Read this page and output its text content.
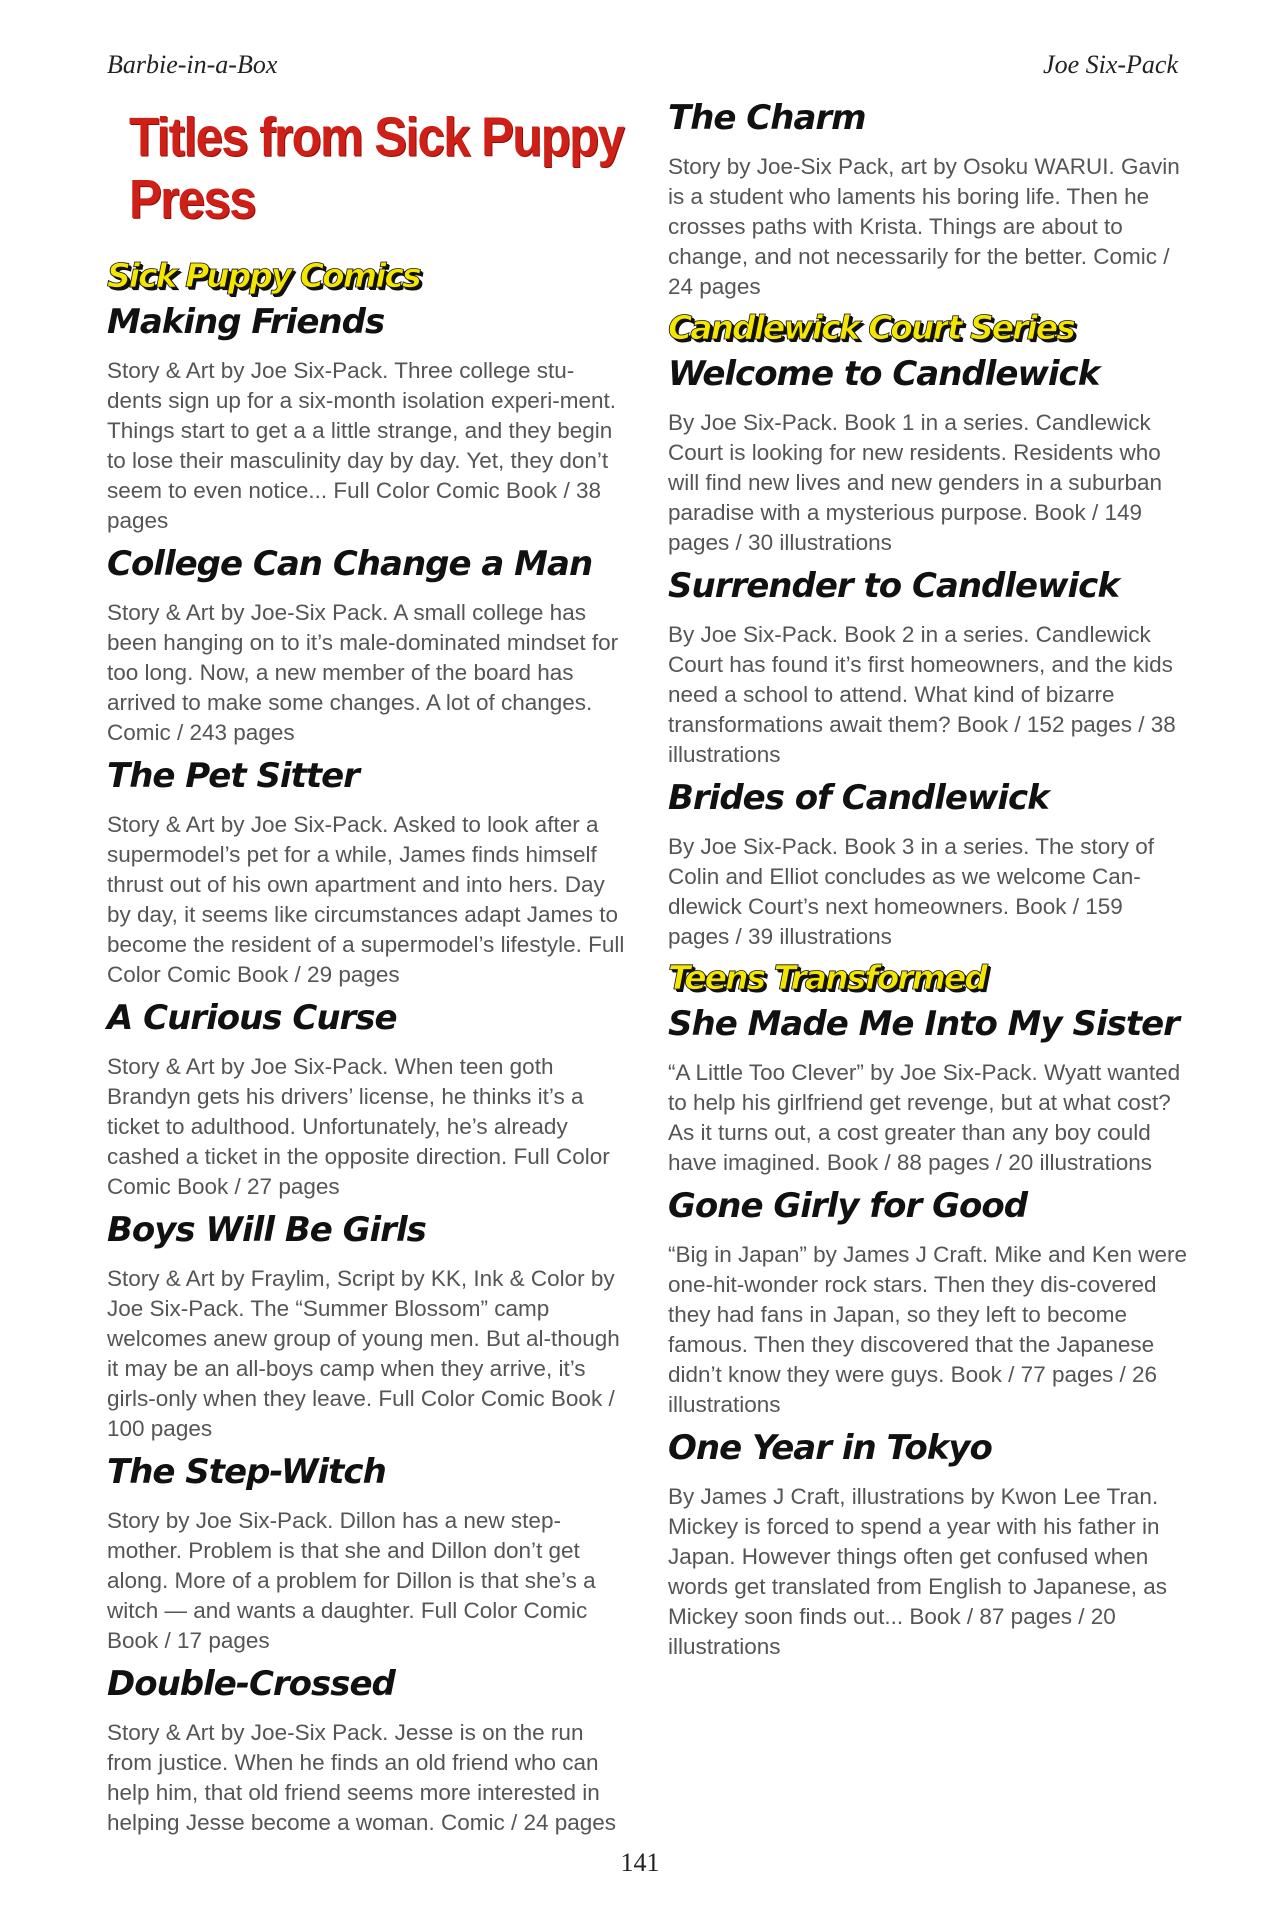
Barbie-in-a-Box	Joe Six-Pack
Titles from Sick Puppy Press
Sick Puppy Comics
Making Friends
Story & Art by Joe Six-Pack. Three college stu-dents sign up for a six-month isolation experi-ment. Things start to get a a little strange, and they begin to lose their masculinity day by day. Yet, they don’t seem to even notice... Full Color Comic Book / 38 pages
College Can Change a Man
Story & Art by Joe-Six Pack. A small college has been hanging on to it’s male-dominated mindset for too long. Now, a new member of the board has arrived to make some changes. A lot of changes. Comic / 243 pages
The Pet Sitter
Story & Art by Joe Six-Pack. Asked to look after a supermodel’s pet for a while, James finds himself thrust out of his own apartment and into hers. Day by day, it seems like circumstances adapt James to become the resident of a supermodel’s lifestyle. Full Color Comic Book / 29 pages
A Curious Curse
Story & Art by Joe Six-Pack. When teen goth Brandyn gets his drivers’ license, he thinks it’s a ticket to adulthood. Unfortunately, he’s already cashed a ticket in the opposite direction. Full Color Comic Book / 27 pages
Boys Will Be Girls
Story & Art by Fraylim, Script by KK, Ink & Color by Joe Six-Pack. The “Summer Blossom” camp welcomes anew group of young men. But al-though it may be an all-boys camp when they arrive, it’s girls-only when they leave. Full Color Comic Book / 100 pages
The Step-Witch
Story by Joe Six-Pack. Dillon has a new step-mother. Problem is that she and Dillon don’t get along. More of a problem for Dillon is that she’s a witch — and wants a daughter. Full Color Comic Book / 17 pages
Double-Crossed
Story & Art by Joe-Six Pack. Jesse is on the run from justice. When he finds an old friend who can help him, that old friend seems more interested in helping Jesse become a woman. Comic / 24 pages
The Charm
Story by Joe-Six Pack, art by Osoku WARUI. Gavin is a student who laments his boring life. Then he crosses paths with Krista. Things are about to change, and not necessarily for the better. Comic / 24 pages
Candlewick Court Series
Welcome to Candlewick
By Joe Six-Pack. Book 1 in a series. Candlewick Court is looking for new residents. Residents who will find new lives and new genders in a suburban paradise with a mysterious purpose. Book / 149 pages / 30 illustrations
Surrender to Candlewick
By Joe Six-Pack. Book 2 in a series. Candlewick Court has found it’s first homeowners, and the kids need a school to attend. What kind of bizarre transformations await them? Book / 152 pages / 38 illustrations
Brides of Candlewick
By Joe Six-Pack. Book 3 in a series. The story of Colin and Elliot concludes as we welcome Can-dlewick Court’s next homeowners. Book / 159 pages / 39 illustrations
Teens Transformed
She Made Me Into My Sister
“A Little Too Clever” by Joe Six-Pack. Wyatt wanted to help his girlfriend get revenge, but at what cost? As it turns out, a cost greater than any boy could have imagined. Book / 88 pages / 20 illustrations
Gone Girly for Good
“Big in Japan” by James J Craft. Mike and Ken were one-hit-wonder rock stars. Then they dis-covered they had fans in Japan, so they left to become famous. Then they discovered that the Japanese didn’t know they were guys. Book / 77 pages / 26 illustrations
One Year in Tokyo
By James J Craft, illustrations by Kwon Lee Tran. Mickey is forced to spend a year with his father in Japan. However things often get confused when words get translated from English to Japanese, as Mickey soon finds out... Book / 87 pages / 20 illustrations
141
